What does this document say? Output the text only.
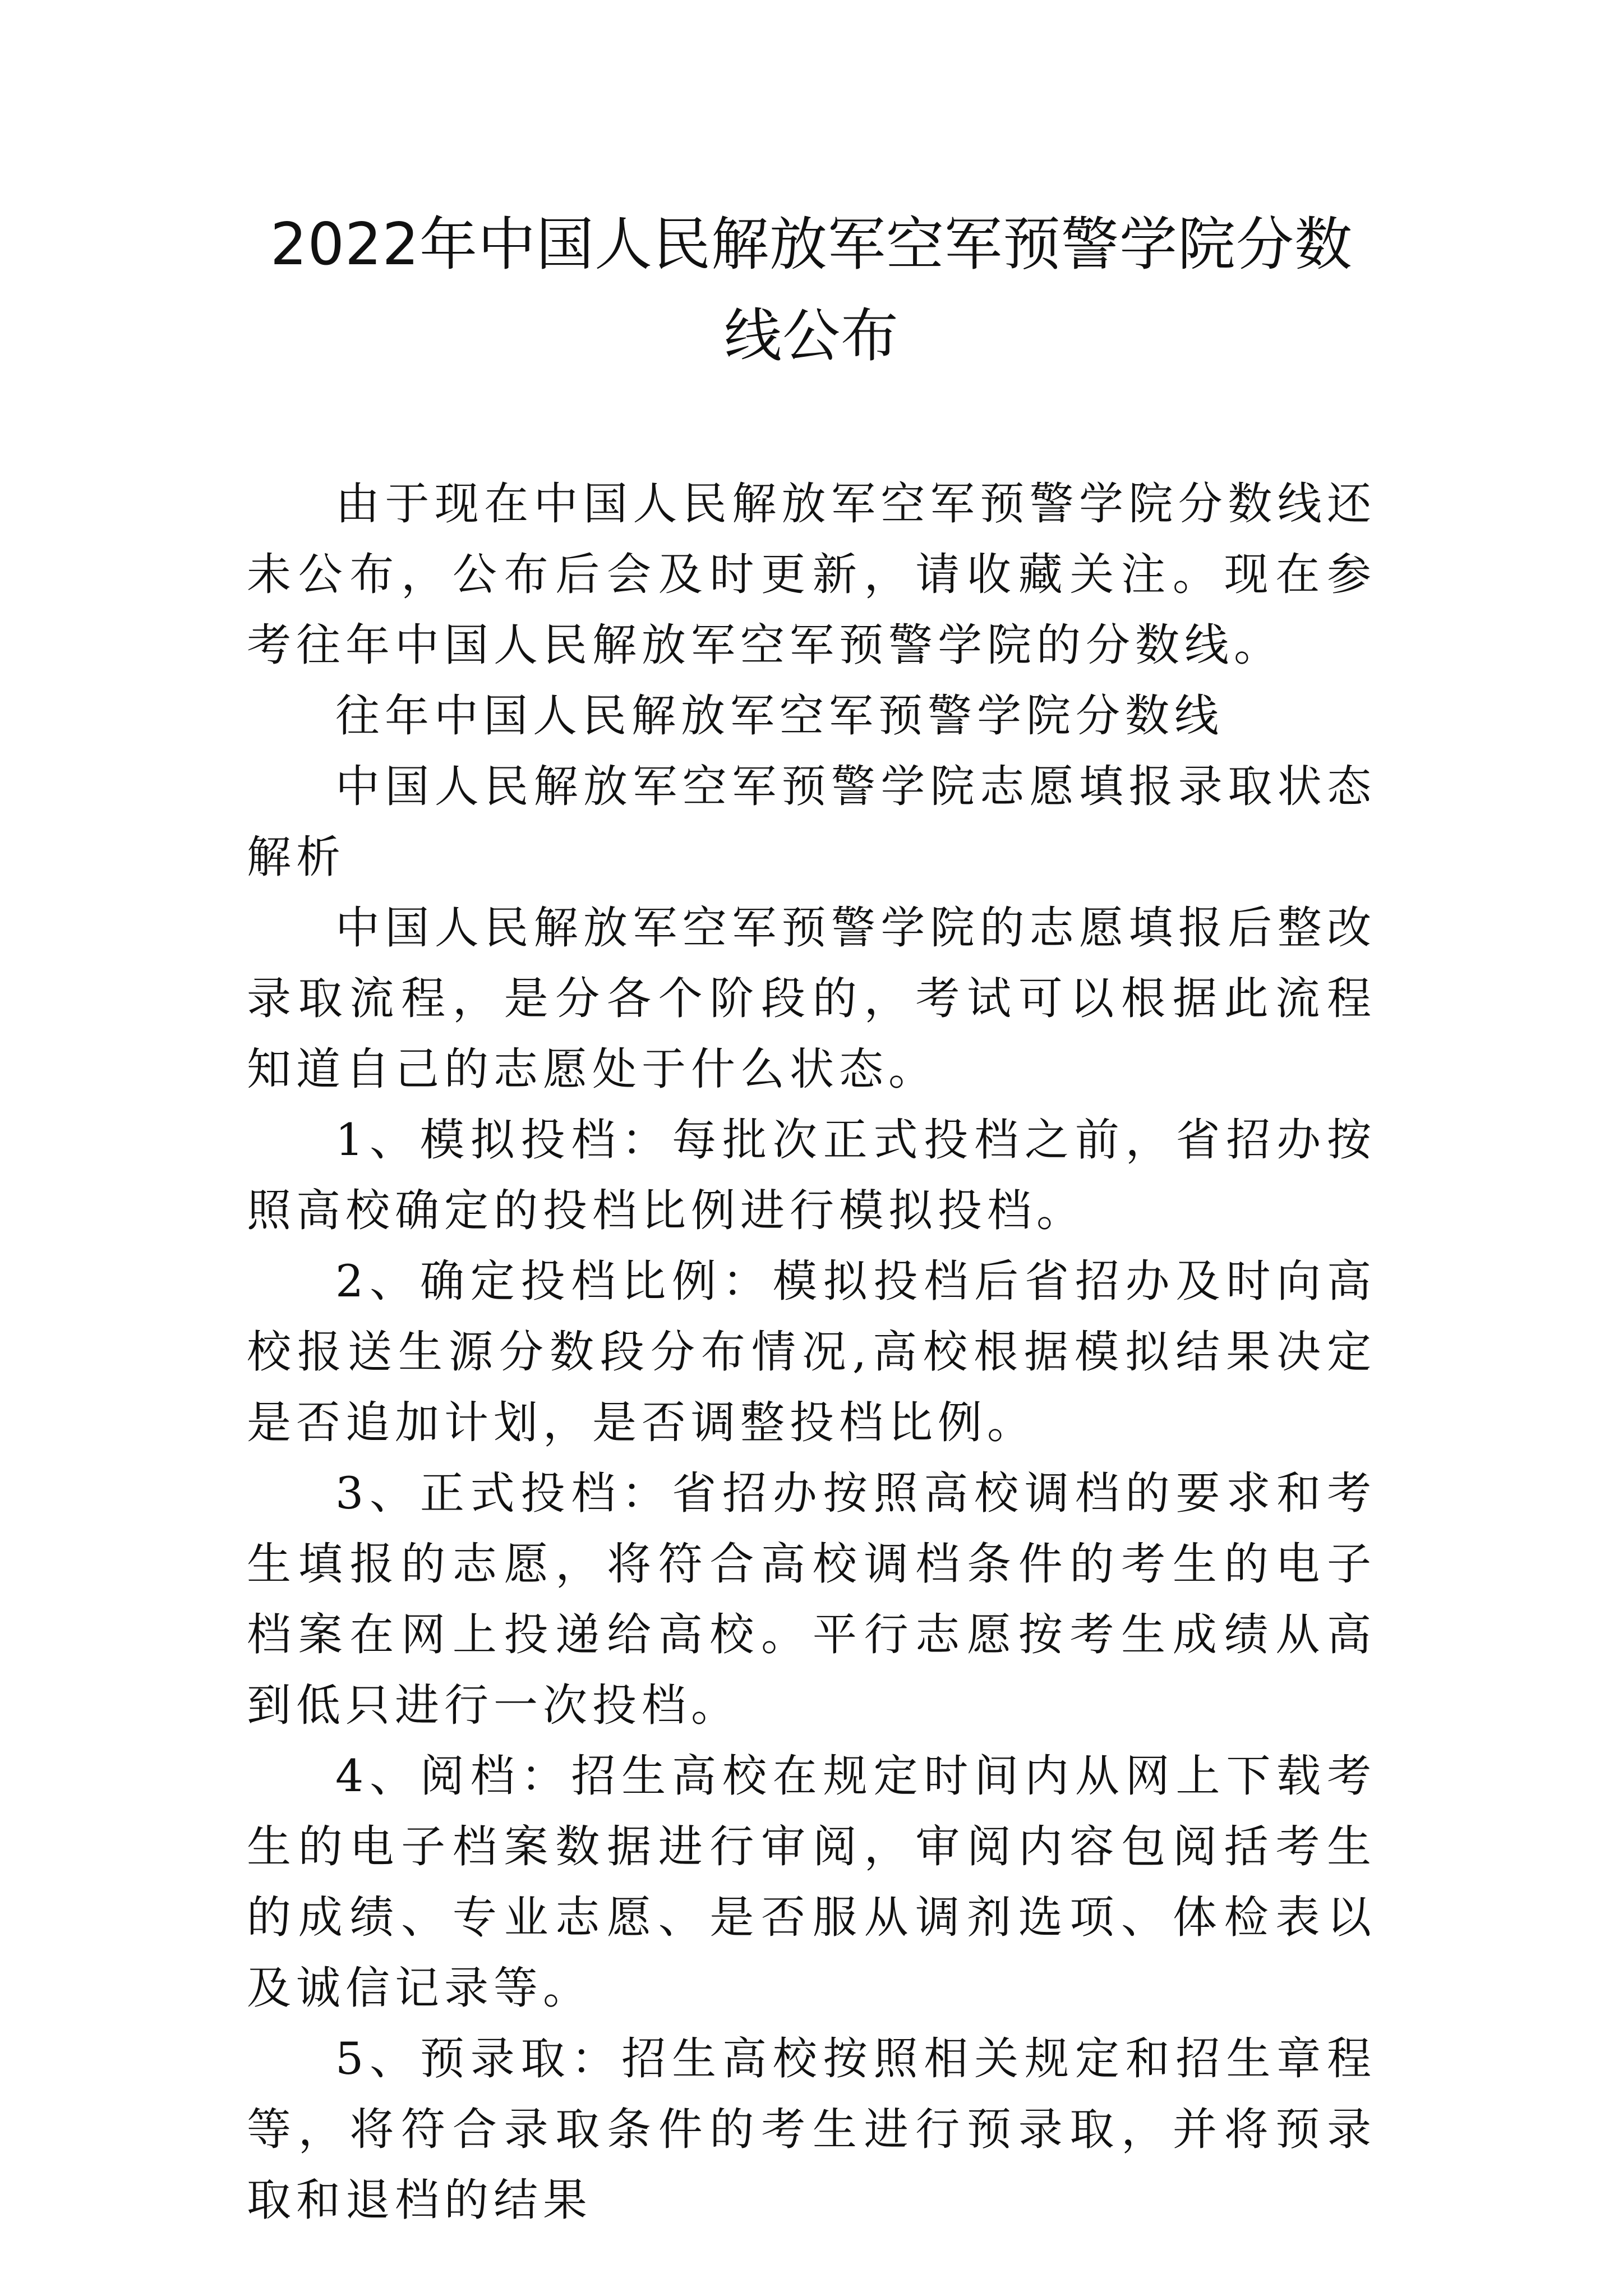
2022年中国人民解放军空军预警学院分数线公布

由于现在中国人民解放军空军预警学院分数线还未公布，公布后会及时更新，请收藏关注。现在参考往年中国人民解放军空军预警学院的分数线。

往年中国人民解放军空军预警学院分数线

中国人民解放军空军预警学院志愿填报录取状态解析

中国人民解放军空军预警学院的志愿填报后整改录取流程，是分各个阶段的，考试可以根据此流程知道自己的志愿处于什么状态。

1、模拟投档：每批次正式投档之前，省招办按照高校确定的投档比例进行模拟投档。

2、确定投档比例：模拟投档后省招办及时向高校报送生源分数段分布情况,高校根据模拟结果决定是否追加计划，是否调整投档比例。

3、正式投档：省招办按照高校调档的要求和考生填报的志愿，将符合高校调档条件的考生的电子档案在网上投递给高校。平行志愿按考生成绩从高到低只进行一次投档。

4、阅档：招生高校在规定时间内从网上下载考生的电子档案数据进行审阅，审阅内容包阅括考生的成绩、专业志愿、是否服从调剂选项、体检表以及诚信记录等。

5、预录取：招生高校按照相关规定和招生章程等，将符合录取条件的考生进行预录取，并将预录取和退档的结果
